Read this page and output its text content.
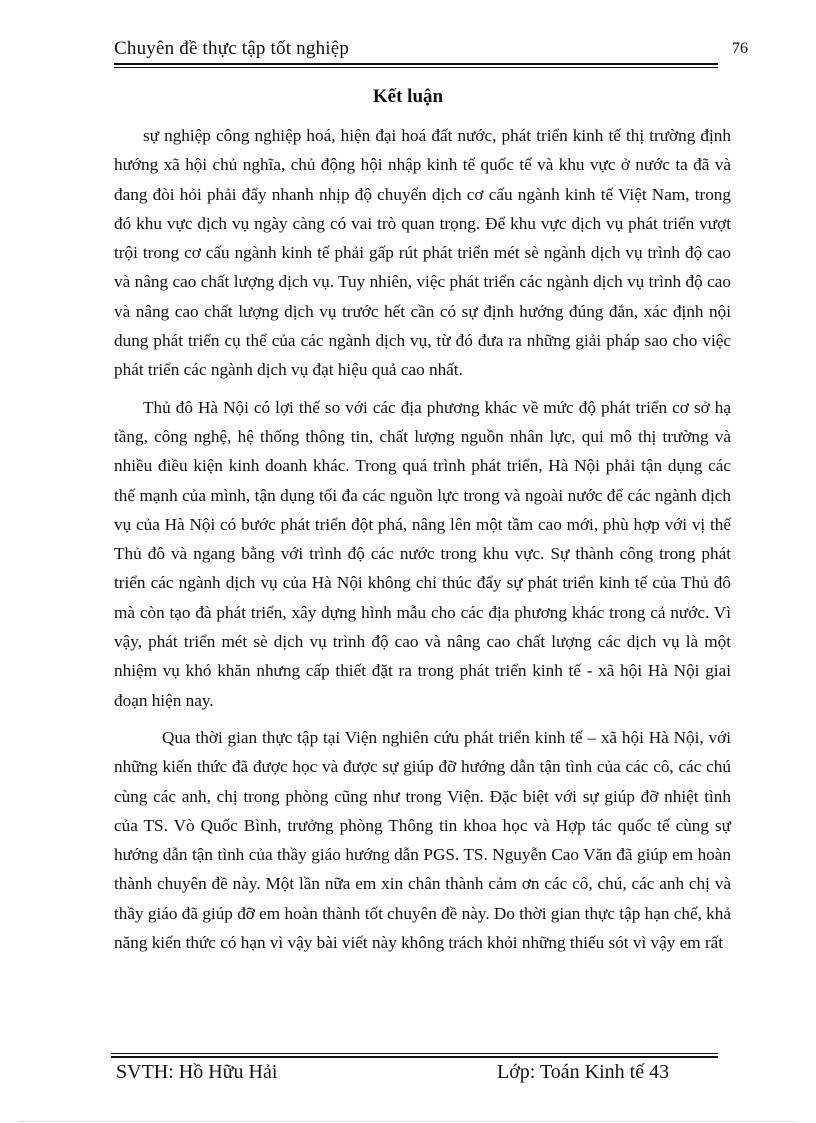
Chuyên đề thực tập tốt nghiệp	76
Kết luận

sự nghiệp công nghiệp hoá, hiện đại hoá đất nước, phát triển kinh tế thị trường định hướng xã hội chủ nghĩa, chủ động hội nhập kinh tế quốc tế và khu vực ở nước ta đã và đang đòi hỏi phải đẩy nhanh nhịp độ chuyển dịch cơ cấu ngành kinh tế Việt Nam, trong đó khu vực dịch vụ ngày càng có vai trò quan trọng. Để khu vực dịch vụ phát triển vượt trội trong cơ cấu ngành kinh tế phải gấp rút phát triển mét sè ngành dịch vụ trình độ cao và nâng cao chất lượng dịch vụ. Tuy nhiên, việc phát triển các ngành dịch vụ trình độ cao và nâng cao chất lượng dịch vụ trước hết cần có sự định hướng đúng đắn, xác định nội dung phát triển cụ thể của các ngành dịch vụ, từ đó đưa ra những giải pháp sao cho việc phát triển các ngành dịch vụ đạt hiệu quả cao nhất.

Thủ đô Hà Nội có lợi thế so với các địa phương khác về mức độ phát triển cơ sở hạ tầng, công nghệ, hệ thống thông tin, chất lượng nguồn nhân lực, qui mô thị trường và nhiều điều kiện kinh doanh khác. Trong quá trình phát triển, Hà Nội phải tận dụng các thế mạnh của mình, tận dụng tối đa các nguồn lực trong và ngoài nước để các ngành dịch vụ của Hà Nội có bước phát triển đột phá, nâng lên một tầm cao mới, phù hợp với vị thế Thủ đô và ngang bằng với trình độ các nước trong khu vực. Sự thành công trong phát triển các ngành dịch vụ của Hà Nội không chỉ thúc đẩy sự phát triển kinh tế của Thủ đô mà còn tạo đà phát triển, xây dựng hình mẫu cho các địa phương khác trong cả nước. Vì vậy, phát triển mét sè dịch vụ trình độ cao và nâng cao chất lượng các dịch vụ là một nhiệm vụ khó khăn nhưng cấp thiết đặt ra trong phát triển kinh tế - xã hội Hà Nội giai đoạn hiện nay.

Qua thời gian thực tập tại Viện nghiên cứu phát triển kinh tế – xã hội Hà Nội, với những kiến thức đã được học và được sự giúp đỡ hướng dẫn tận tình của các cô, các chú cùng các anh, chị trong phòng cũng như trong Viện. Đặc biệt với sự giúp đỡ nhiệt tình của TS. Vò Quốc Bình, trưởng phòng Thông tin khoa học và Hợp tác quốc tế cùng sự hướng dẫn tận tình của thầy giáo hướng dẫn PGS. TS. Nguyễn Cao Văn đã giúp em hoàn thành chuyên đề này. Một lần nữa em xin chân thành cảm ơn các cô, chú, các anh chị và thầy giáo đã giúp đỡ em hoàn thành tốt chuyên đề này. Do thời gian thực tập hạn chế, khả năng kiến thức có hạn vì vậy bài viết này không trách khỏi những thiếu sót vì vậy em rất

SVTH: Hồ Hữu Hải	Lớp: Toán Kinh tế 43
